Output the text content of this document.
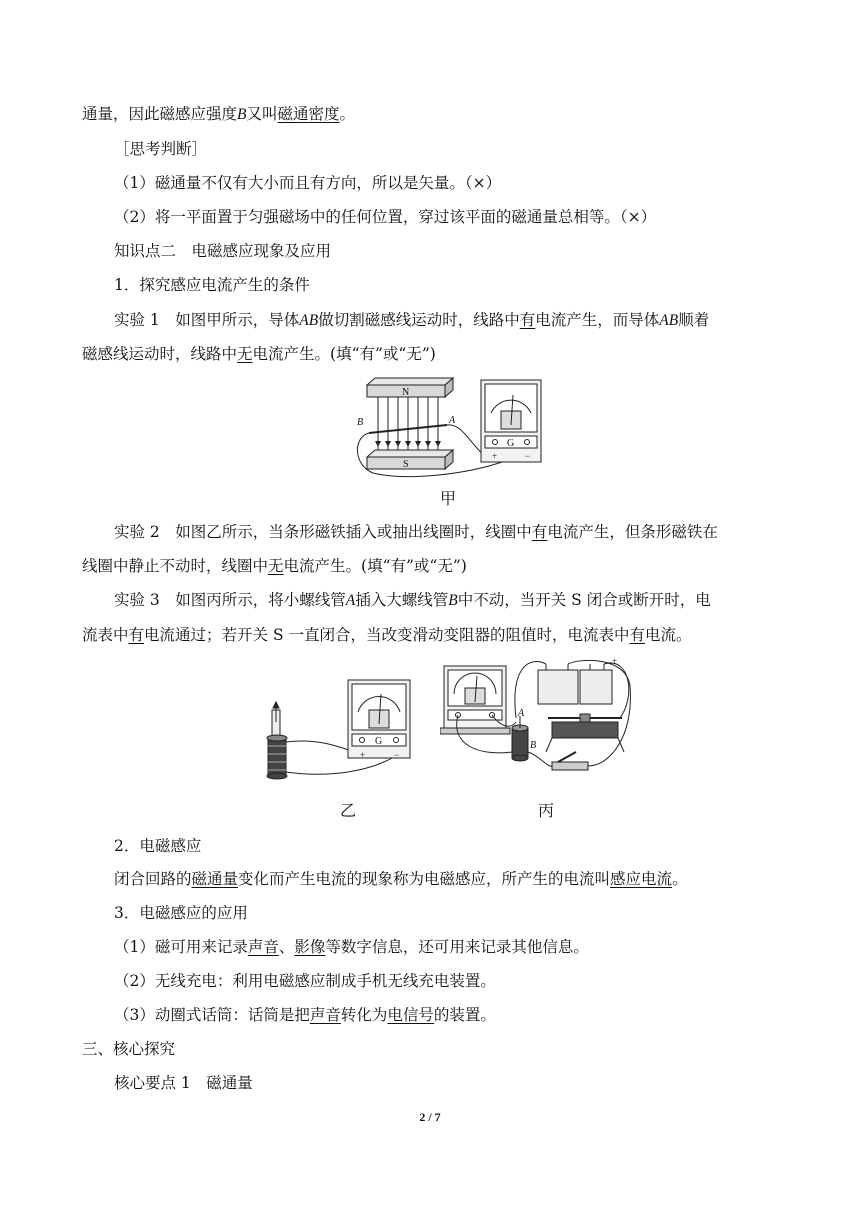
通量，因此磁感应强度B又叫磁通密度。
［思考判断］
（1）磁通量不仅有大小而且有方向，所以是矢量。（×）
（2）将一平面置于匀强磁场中的任何位置，穿过该平面的磁通量总相等。（×）
知识点二　电磁感应现象及应用
1．探究感应电流产生的条件
实验 1　如图甲所示，导体AB做切割磁感线运动时，线路中有电流产生，而导体AB顺着
磁感线运动时，线路中无电流产生。(填“有”或“无”)
N
S
B	A
G
+	−
甲
实验 2　如图乙所示，当条形磁铁插入或抽出线圈时，线圈中有电流产生，但条形磁铁在
线圈中静止不动时，线圈中无电流产生。(填“有”或“无”)
实验 3　如图丙所示，将小螺线管A插入大螺线管B中不动，当开关 S 闭合或断开时，电
流表中有电流通过；若开关 S 一直闭合，当改变滑动变阻器的阻值时，电流表中有电流。
G
+	−
乙
A
B
+
丙
2．电磁感应
闭合回路的磁通量变化而产生电流的现象称为电磁感应，所产生的电流叫感应电流。
3．电磁感应的应用
（1）磁可用来记录声音、影像等数字信息，还可用来记录其他信息。
（2）无线充电：利用电磁感应制成手机无线充电装置。
（3）动圈式话筒：话筒是把声音转化为电信号的装置。
三、核心探究
核心要点 1　磁通量
2 / 7
